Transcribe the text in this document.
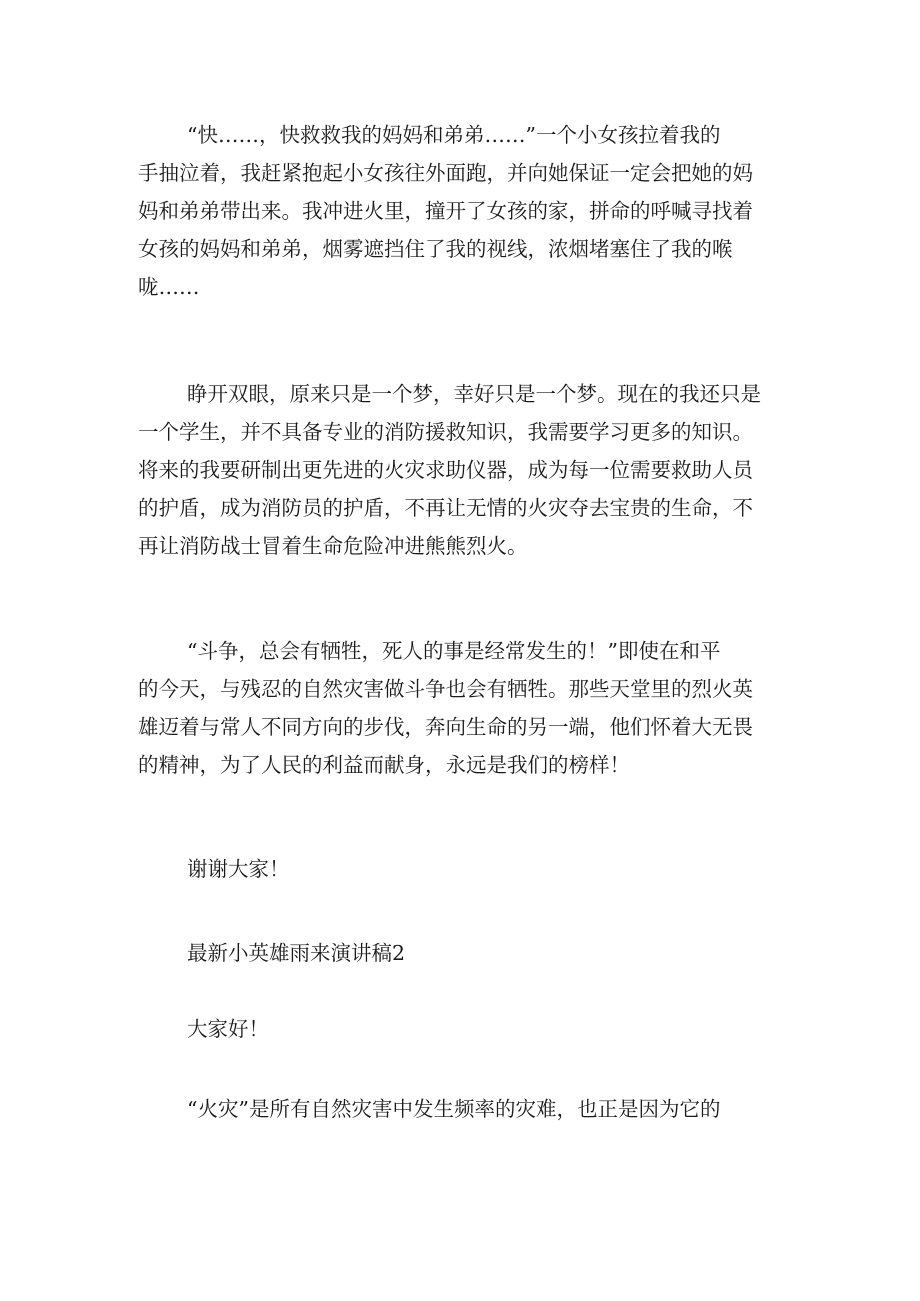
“快……，快救救我的妈妈和弟弟……”一个小女孩拉着我的
手抽泣着，我赶紧抱起小女孩往外面跑，并向她保证一定会把她的妈
妈和弟弟带出来。我冲进火里，撞开了女孩的家，拼命的呼喊寻找着
女孩的妈妈和弟弟，烟雾遮挡住了我的视线，浓烟堵塞住了我的喉
咙……
睁开双眼，原来只是一个梦，幸好只是一个梦。现在的我还只是
一个学生，并不具备专业的消防援救知识，我需要学习更多的知识。
将来的我要研制出更先进的火灾求助仪器，成为每一位需要救助人员
的护盾，成为消防员的护盾，不再让无情的火灾夺去宝贵的生命，不
再让消防战士冒着生命危险冲进熊熊烈火。
“斗争，总会有牺牲，死人的事是经常发生的！”即使在和平
的今天，与残忍的自然灾害做斗争也会有牺牲。那些天堂里的烈火英
雄迈着与常人不同方向的步伐，奔向生命的另一端，他们怀着大无畏
的精神，为了人民的利益而献身，永远是我们的榜样！
谢谢大家！
最新小英雄雨来演讲稿2
大家好！
“火灾”是所有自然灾害中发生频率的灾难，也正是因为它的
